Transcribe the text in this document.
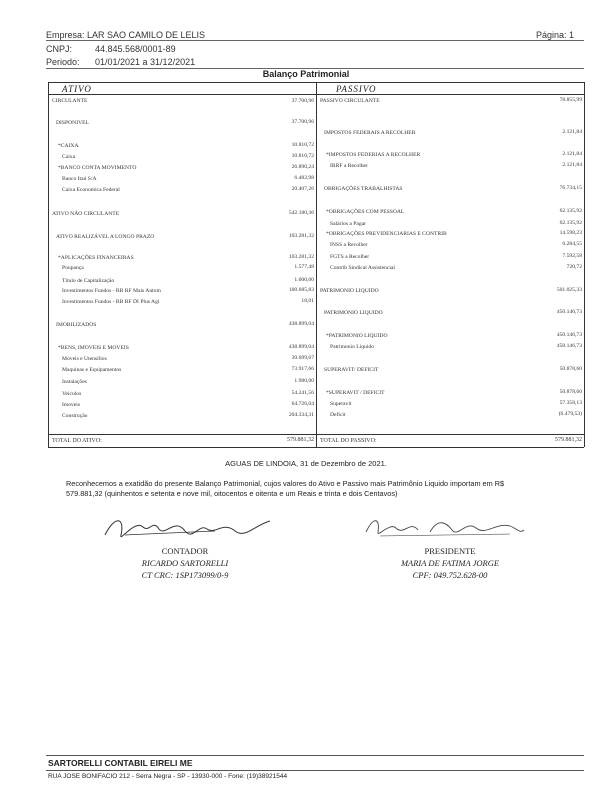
Empresa: LAR SAO CAMILO DE LELIS	Página: 1
CNPJ:	44.845.568/0001-89
Periodo: 01/01/2021 a 31/12/2021
Balanço Patrimonial
ATIVO	PASSIVO
CIRCULANTE	37.700,96
DISPONIVEL	37.700,96
*CAIXA	10.810,72
Caixa	10.810,72
*BANCO CONTA MOVIMENTO	26.890,24
Banco Itaú S/A	6.482,98
Caixa Economica Federal	20.407,26
ATIVO NÃO CIRCULANTE	542.180,36
ATIVO REALIZÁVEL A LONGO PRAZO	103.281,32
*APLICAÇÕES FINANCEIRAS	103.281,32
Poupança	1.577,48
Título de Capitalização	1.000,00
Investimentos Fundos - BB RF Mais Autom	100.685,83
Investimentos Fundos - BB RF DI Plus Agi	18,01
IMOBILIZADOS	438.899,04
*BENS, IMOVEIS E MOVEIS	438.899,04
Moveis e Utensílios	39.699,67
Maquinas e Equipamentos	73.917,66
Instalações	1.980,00
Veiculos	54.241,56
Imoveis	64.726,04
Construção	204.334,31
PASSIVO CIRCULANTE	78.855,99
IMPOSTOS FEDERAIS A RECOLHER	2.121,84
*IMPOSTOS FEDERIAS A RECOLHER	2.121,84
IRRF a Recolher	2.121,84
OBRIGAÇÕES TRABALHISTAS	76.734,15
*OBRIGAÇÕES COM PESSOAL	62.135,92
Salários a Pagar	62.135,92
*OBRIGAÇÕES PREVIDENCIARIAS E CONTRIB	14.598,23
INSS a Recolher	6.284,55
FGTS a Recolher	7.592,58
Contrib Sindical Assistencial	720,72
PATRIMONIO LIQUIDO	501.025,33
PATRIMONIO LIQUIDO	450.146,73
*PATRIMONIO LIQUIDO	450.146,73
Patrimonio Liquido	450.146,73
SUPERAVIT/ DEFICIT	50.878,60
*SUPERAVIT / DEFICIT	50.878,60
Superavit	57.358,13
Deficit	(6.479,53)
TOTAL DO ATIVO:	579.881,32 TOTAL DO PASSIVO:	579.881,32
AGUAS DE LINDOIA, 31 de Dezembro de 2021.
Reconhecemos a exatidão do presente Balanço Patrimonial, cujos valores do Ativo e Passivo mais Patrimônio Liquido importam em R$
579.881,32 (quinhentos e setenta e nove mil, oitocentos e oitenta e um Reais e trinta e dois Centavos)
CONTADOR
RICARDO SARTORELLI
CT CRC: 1SP173099/0-9
PRESIDENTE
MARIA DE FATIMA JORGE
CPF: 049.752.628-00
SARTORELLI CONTABIL EIRELI ME
RUA JOSE BONIFACIO 212 - Serra Negra - SP - 13930-000 - Fone: (19)38921544
